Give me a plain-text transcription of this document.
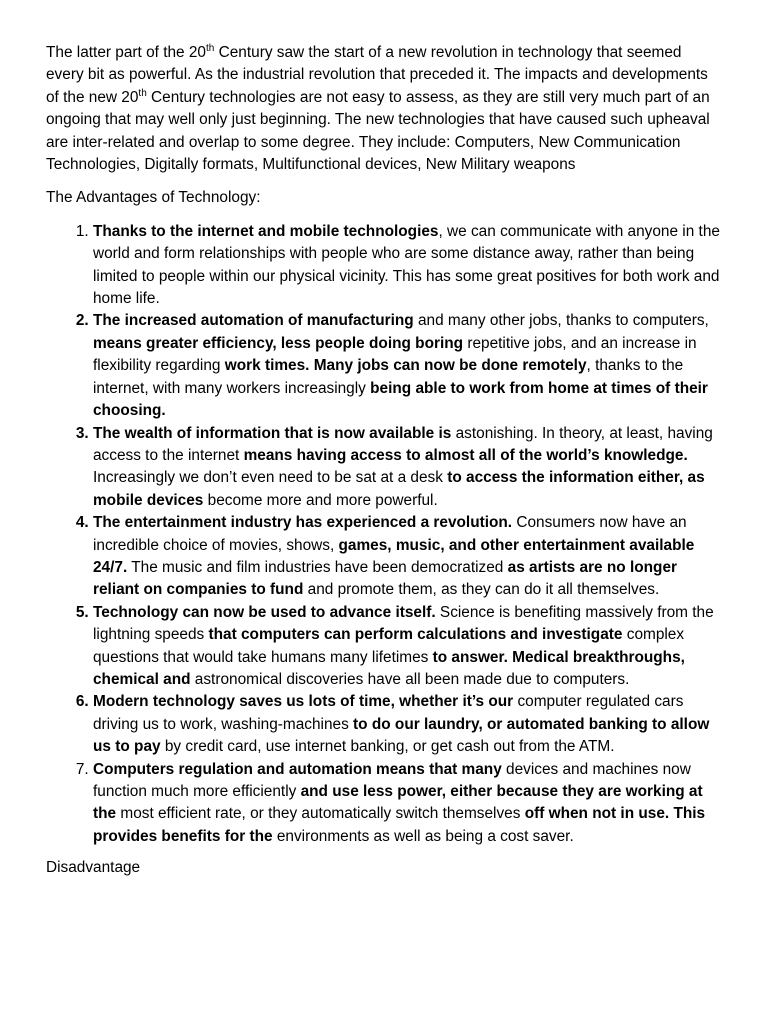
The latter part of the 20th Century saw the start of a new revolution in technology that seemed every bit as powerful. As the industrial revolution that preceded it. The impacts and developments of the new 20th Century technologies are not easy to assess, as they are still very much part of an ongoing that may well only just beginning. The new technologies that have caused such upheaval are inter-related and overlap to some degree. They include: Computers, New Communication Technologies, Digitally formats, Multifunctional devices, New Military weapons

The Advantages of Technology:

1. Thanks to the internet and mobile technologies, we can communicate with anyone in the world and form relationships with people who are some distance away, rather than being limited to people within our physical vicinity. This has some great positives for both work and home life.
2. The increased automation of manufacturing and many other jobs, thanks to computers, means greater efficiency, less people doing boring repetitive jobs, and an increase in flexibility regarding work times. Many jobs can now be done remotely, thanks to the internet, with many workers increasingly being able to work from home at times of their choosing.
3. The wealth of information that is now available is astonishing. In theory, at least, having access to the internet means having access to almost all of the world’s knowledge. Increasingly we don’t even need to be sat at a desk to access the information either, as mobile devices become more and more powerful.
4. The entertainment industry has experienced a revolution. Consumers now have an incredible choice of movies, shows, games, music, and other entertainment available 24/7. The music and film industries have been democratized as artists are no longer reliant on companies to fund and promote them, as they can do it all themselves.
5. Technology can now be used to advance itself. Science is benefiting massively from the lightning speeds that computers can perform calculations and investigate complex questions that would take humans many lifetimes to answer. Medical breakthroughs, chemical and astronomical discoveries have all been made due to computers.
6. Modern technology saves us lots of time, whether it’s our computer regulated cars driving us to work, washing-machines to do our laundry, or automated banking to allow us to pay by credit card, use internet banking, or get cash out from the ATM.
7. Computers regulation and automation means that many devices and machines now function much more efficiently and use less power, either because they are working at the most efficient rate, or they automatically switch themselves off when not in use. This provides benefits for the environments as well as being a cost saver.

Disadvantage
